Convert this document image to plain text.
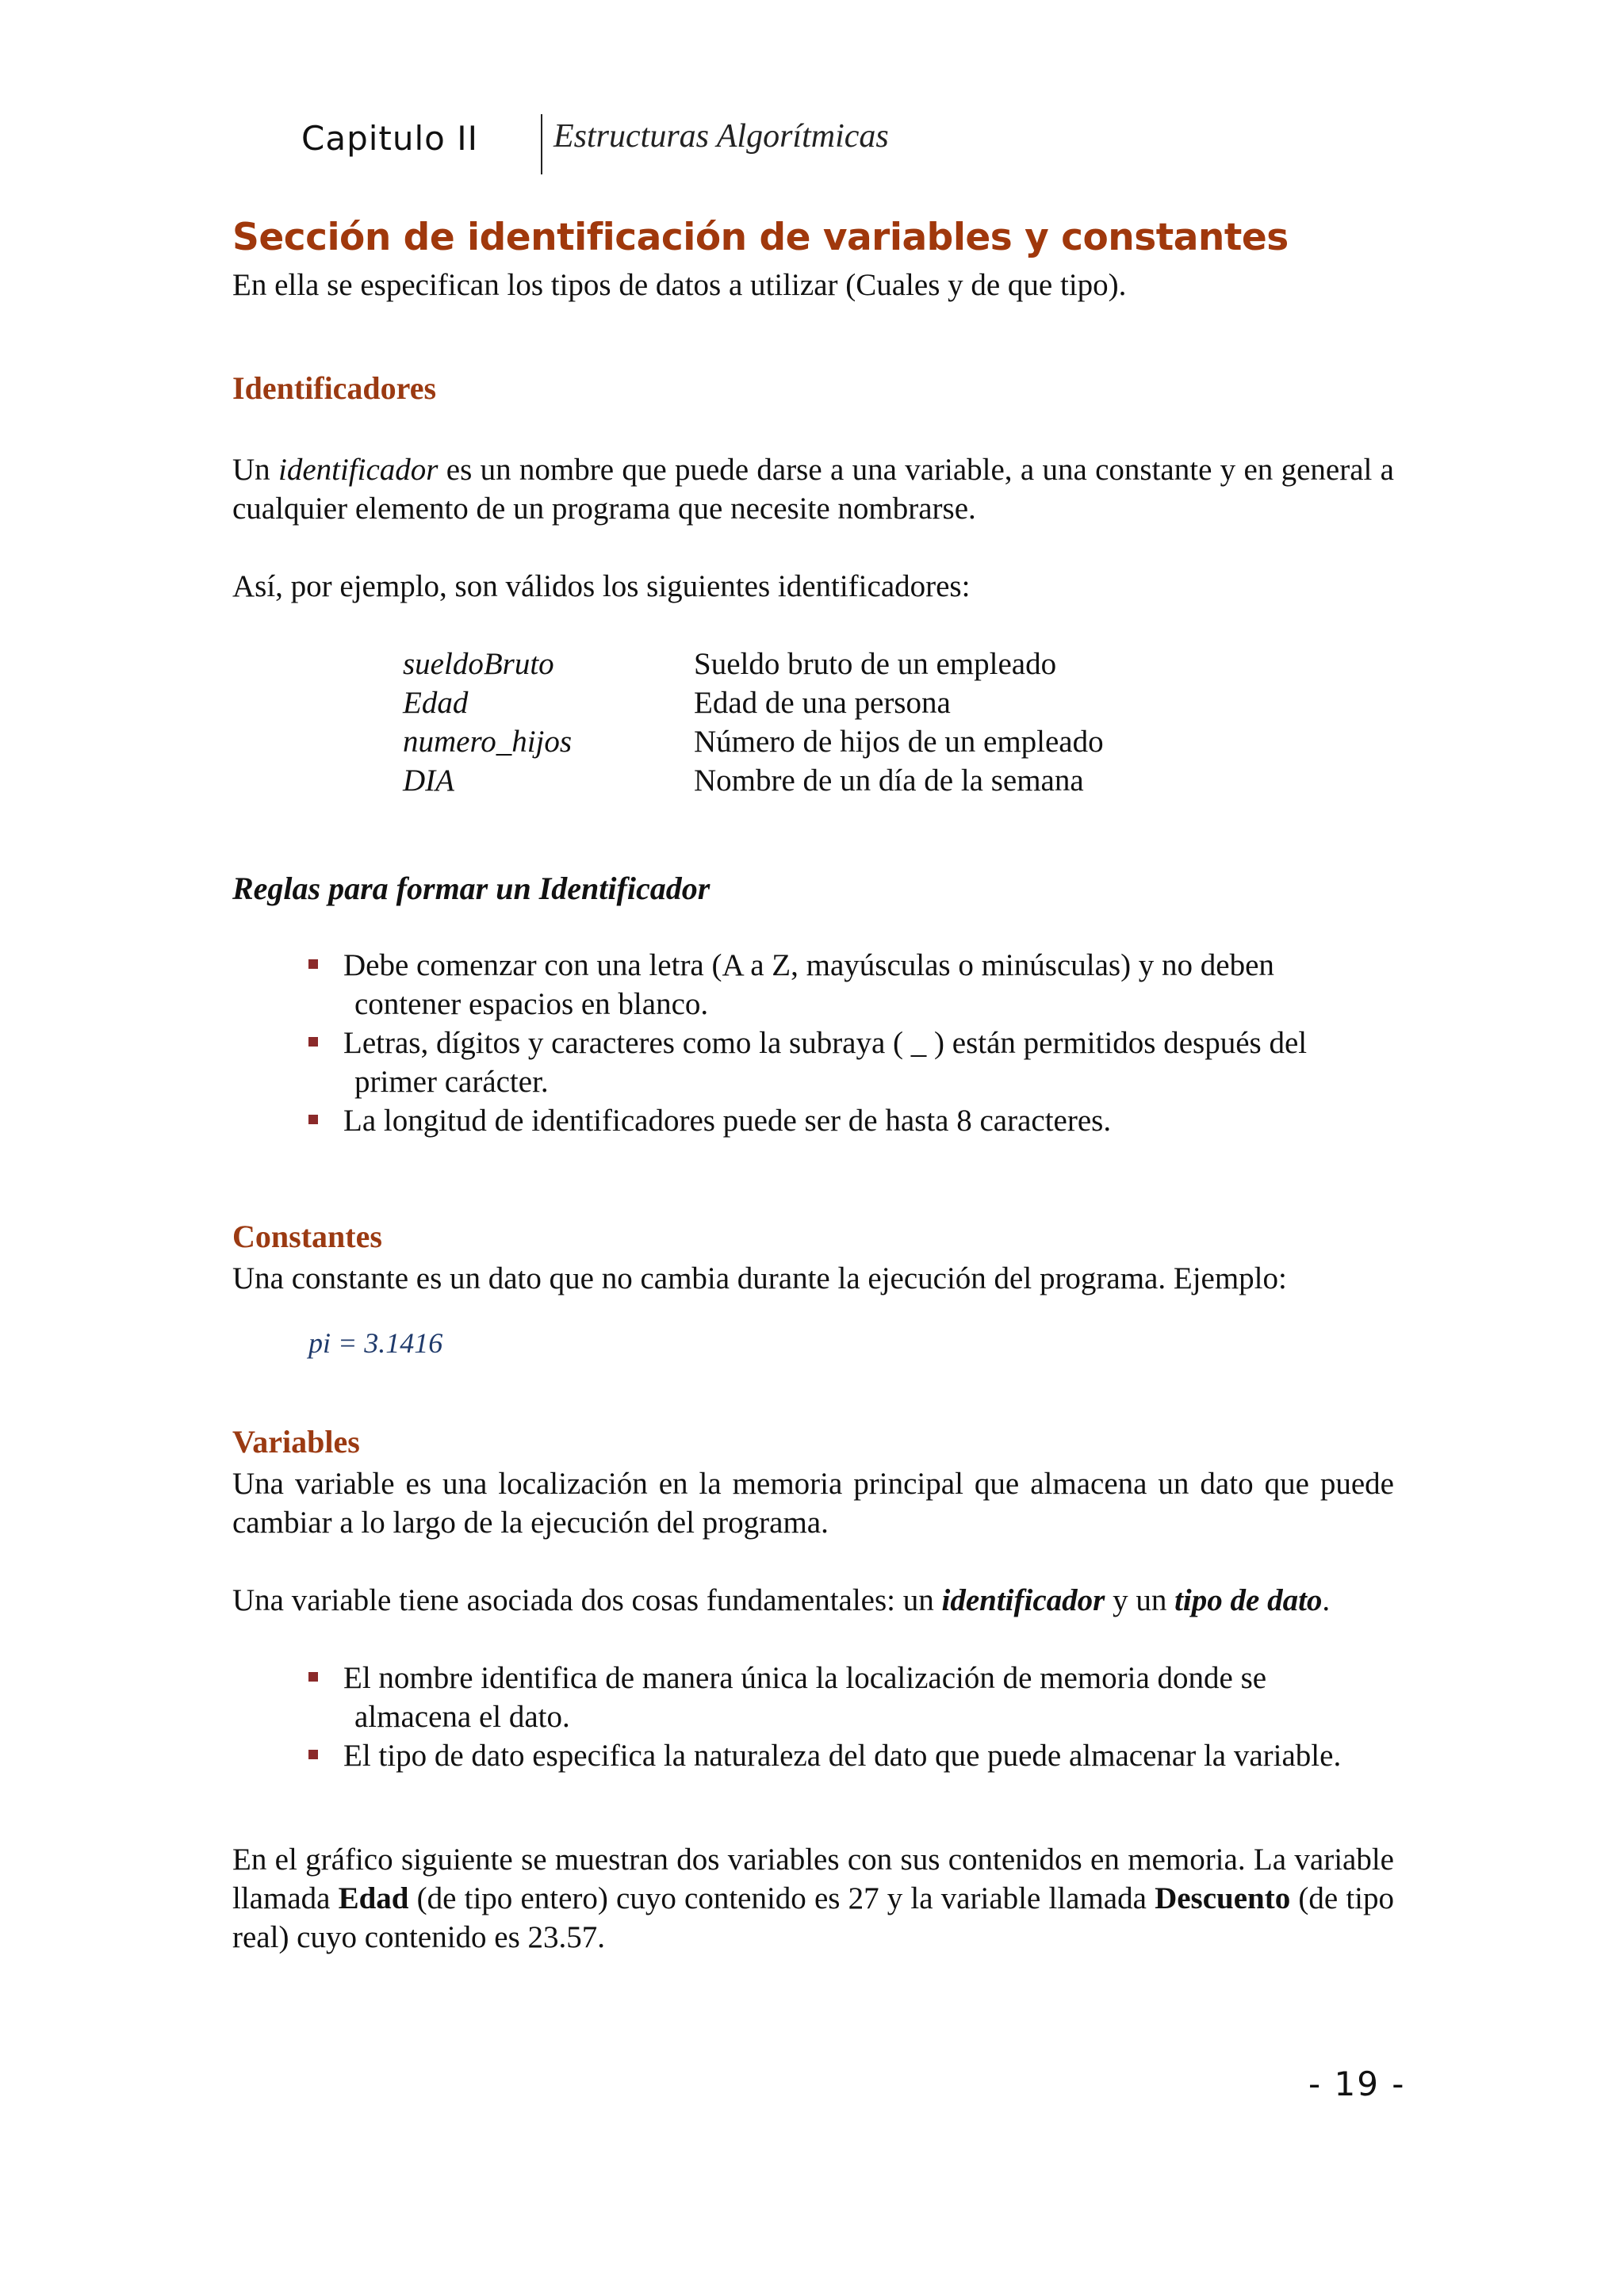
Capitulo II Estructuras Algorítmicas
Sección de identificación de variables y constantes

En ella se especifican los tipos de datos a utilizar (Cuales y de que tipo).

Identificadores

Un identificador es un nombre que puede darse a una variable, a una constante y en general a cualquier elemento de un programa que necesite nombrarse.

Así, por ejemplo, son válidos los siguientes identificadores:

sueldoBruto	Sueldo bruto de un empleado
Edad	Edad de una persona
numero_hijos	Número de hijos de un empleado
DIA	Nombre de un día de la semana
Reglas para formar un Identificador
Debe comenzar con una letra (A a Z, mayúsculas o minúsculas) y no deben
contener espacios en blanco.
Letras, dígitos y caracteres como la subraya ( _ ) están permitidos después del
primer carácter.
La longitud de identificadores puede ser de hasta 8 caracteres.
Constantes

Una constante es un dato que no cambia durante la ejecución del programa. Ejemplo:

pi = 3.1416
Variables

Una variable es una localización en la memoria principal que almacena un dato que puede cambiar a lo largo de la ejecución del programa.

Una variable tiene asociada dos cosas fundamentales: un identificador y un tipo de dato.

El nombre identifica de manera única la localización de memoria donde se
almacena el dato.
El tipo de dato especifica la naturaleza del dato que puede almacenar la variable.

En el gráfico siguiente se muestran dos variables con sus contenidos en memoria. La variable llamada Edad (de tipo entero) cuyo contenido es 27 y la variable llamada Descuento (de tipo real) cuyo contenido es 23.57.

- 19 -
